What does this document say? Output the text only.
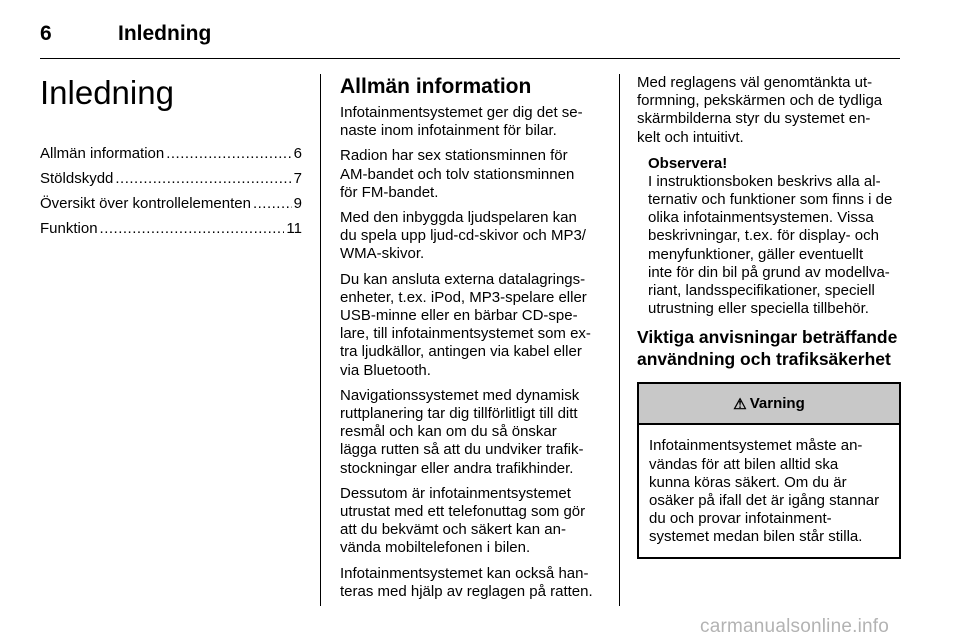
6	Inledning
Inledning
Allmän information .....	6
Stöldskydd .....	7
Översikt över kontrollelementen .....	9
Funktion .....	11
Allmän information

Infotainmentsystemet ger dig det se-
naste inom infotainment för bilar.

Radion har sex stationsminnen för
AM-bandet och tolv stationsminnen
för FM-bandet.

Med den inbyggda ljudspelaren kan
du spela upp ljud-cd-skivor och MP3/
WMA-skivor.

Du kan ansluta externa datalagrings-
enheter, t.ex. iPod, MP3-spelare eller
USB-minne eller en bärbar CD-spe-
lare, till infotainmentsystemet som ex-
tra ljudkällor, antingen via kabel eller
via Bluetooth.

Navigationssystemet med dynamisk
ruttplanering tar dig tillförlitligt till ditt
resmål och kan om du så önskar
lägga rutten så att du undviker trafik-
stockningar eller andra trafikhinder.

Dessutom är infotainmentsystemet
utrustat med ett telefonuttag som gör
att du bekvämt och säkert kan an-
vända mobiltelefonen i bilen.

Infotainmentsystemet kan också han-
teras med hjälp av reglagen på ratten.

Med reglagens väl genomtänkta ut-
formning, pekskärmen och de tydliga
skärmbilderna styr du systemet en-
kelt och intuitivt.

Observera!
I instruktionsboken beskrivs alla al-
ternativ och funktioner som finns i de
olika infotainmentsystemen. Vissa
beskrivningar, t.ex. för display- och
menyfunktioner, gäller eventuellt
inte för din bil på grund av modellva-
riant, landsspecifikationer, speciell
utrustning eller speciella tillbehör.
Viktiga anvisningar beträffande
användning och trafiksäkerhet
⚠ Varning
Infotainmentsystemet måste an-
vändas för att bilen alltid ska
kunna köras säkert. Om du är
osäker på ifall det är igång stannar
du och provar infotainment-
systemet medan bilen står stilla.
carmanualsonline.info
